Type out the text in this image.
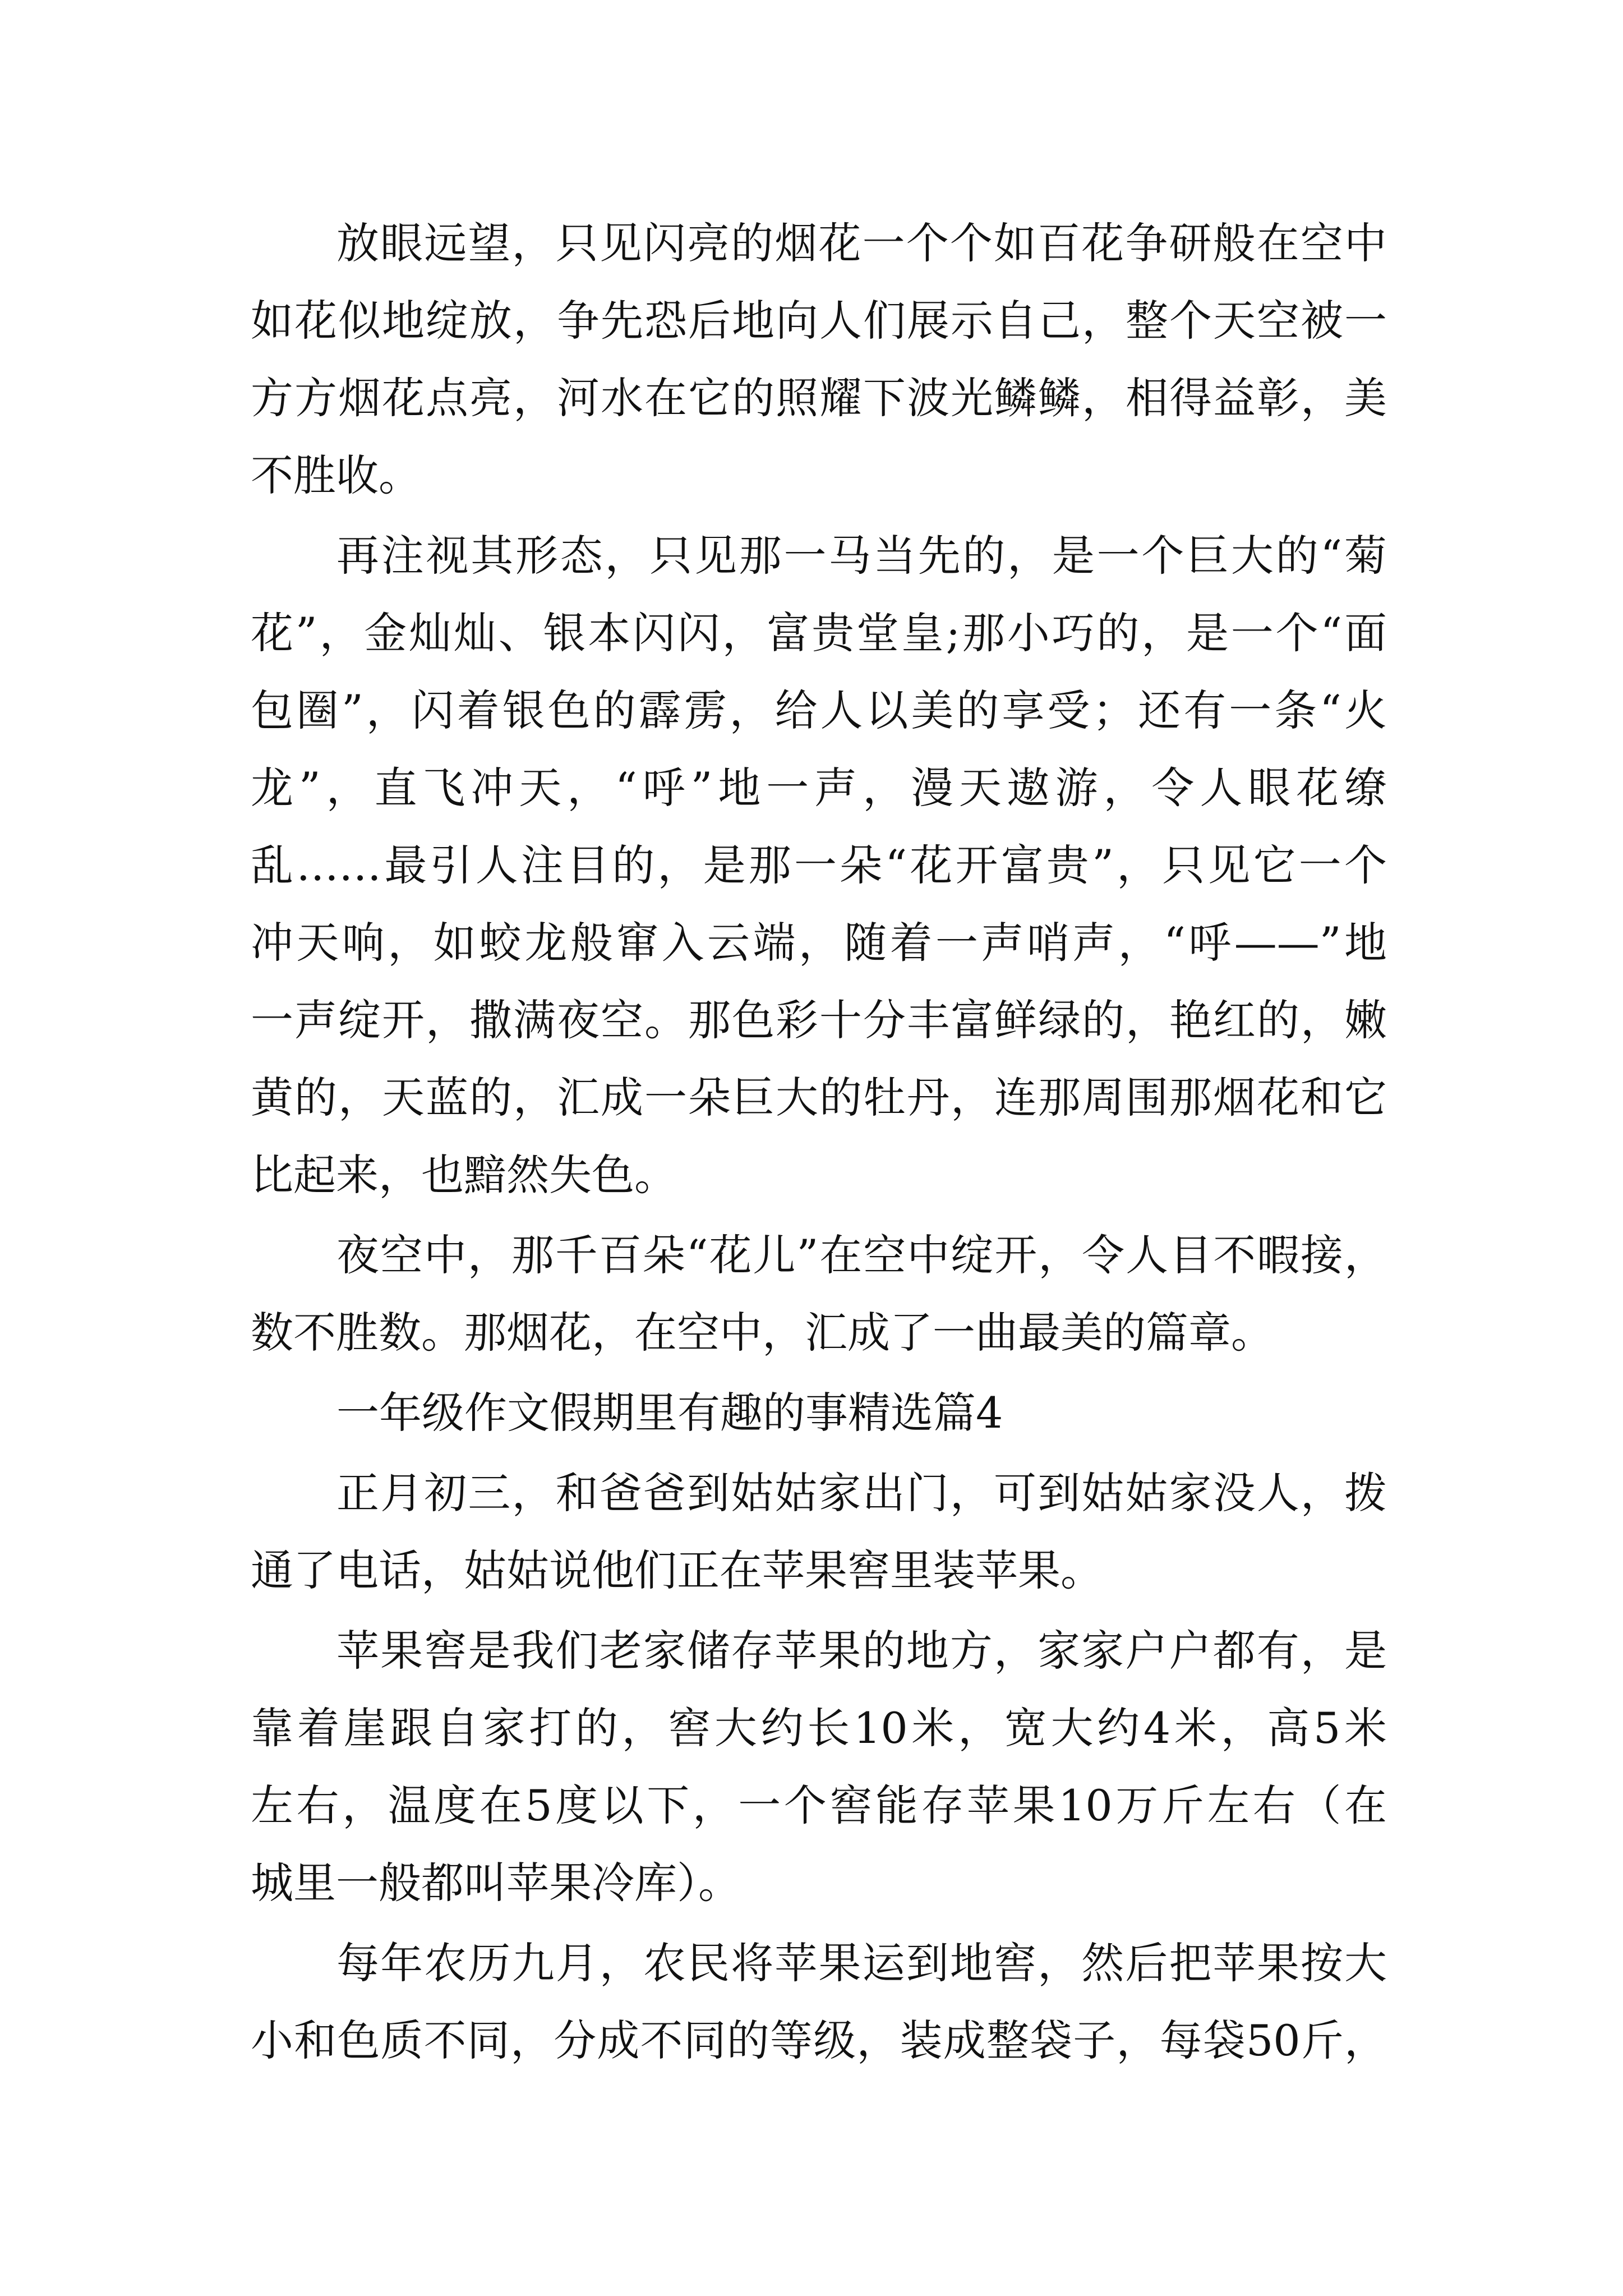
放眼远望，只见闪亮的烟花一个个如百花争研般在空中
如花似地绽放，争先恐后地向人们展示自己，整个天空被一
方方烟花点亮，河水在它的照耀下波光鳞鳞，相得益彰，美
不胜收。
再注视其形态，只见那一马当先的，是一个巨大的“菊
花”，金灿灿、银本闪闪，富贵堂皇;那小巧的，是一个“面
包圈”，闪着银色的霹雳，给人以美的享受；还有一条“火
龙”，直飞冲天，“呼”地一声，漫天遨游，令人眼花缭
乱……最引人注目的，是那一朵“花开富贵”，只见它一个
冲天响，如蛟龙般窜入云端，随着一声哨声，“呼——”地
一声绽开，撒满夜空。那色彩十分丰富鲜绿的，艳红的，嫩
黄的，天蓝的，汇成一朵巨大的牡丹，连那周围那烟花和它
比起来，也黯然失色。
夜空中，那千百朵“花儿”在空中绽开，令人目不暇接，
数不胜数。那烟花，在空中，汇成了一曲最美的篇章。
一年级作文假期里有趣的事精选篇4
正月初三，和爸爸到姑姑家出门，可到姑姑家没人，拨
通了电话，姑姑说他们正在苹果窖里装苹果。
苹果窖是我们老家储存苹果的地方，家家户户都有，是
靠着崖跟自家打的，窖大约长10米，宽大约4米，高5米
左右，温度在5度以下，一个窖能存苹果10万斤左右（在
城里一般都叫苹果冷库）。
每年农历九月，农民将苹果运到地窖，然后把苹果按大
小和色质不同，分成不同的等级，装成整袋子，每袋50斤，
